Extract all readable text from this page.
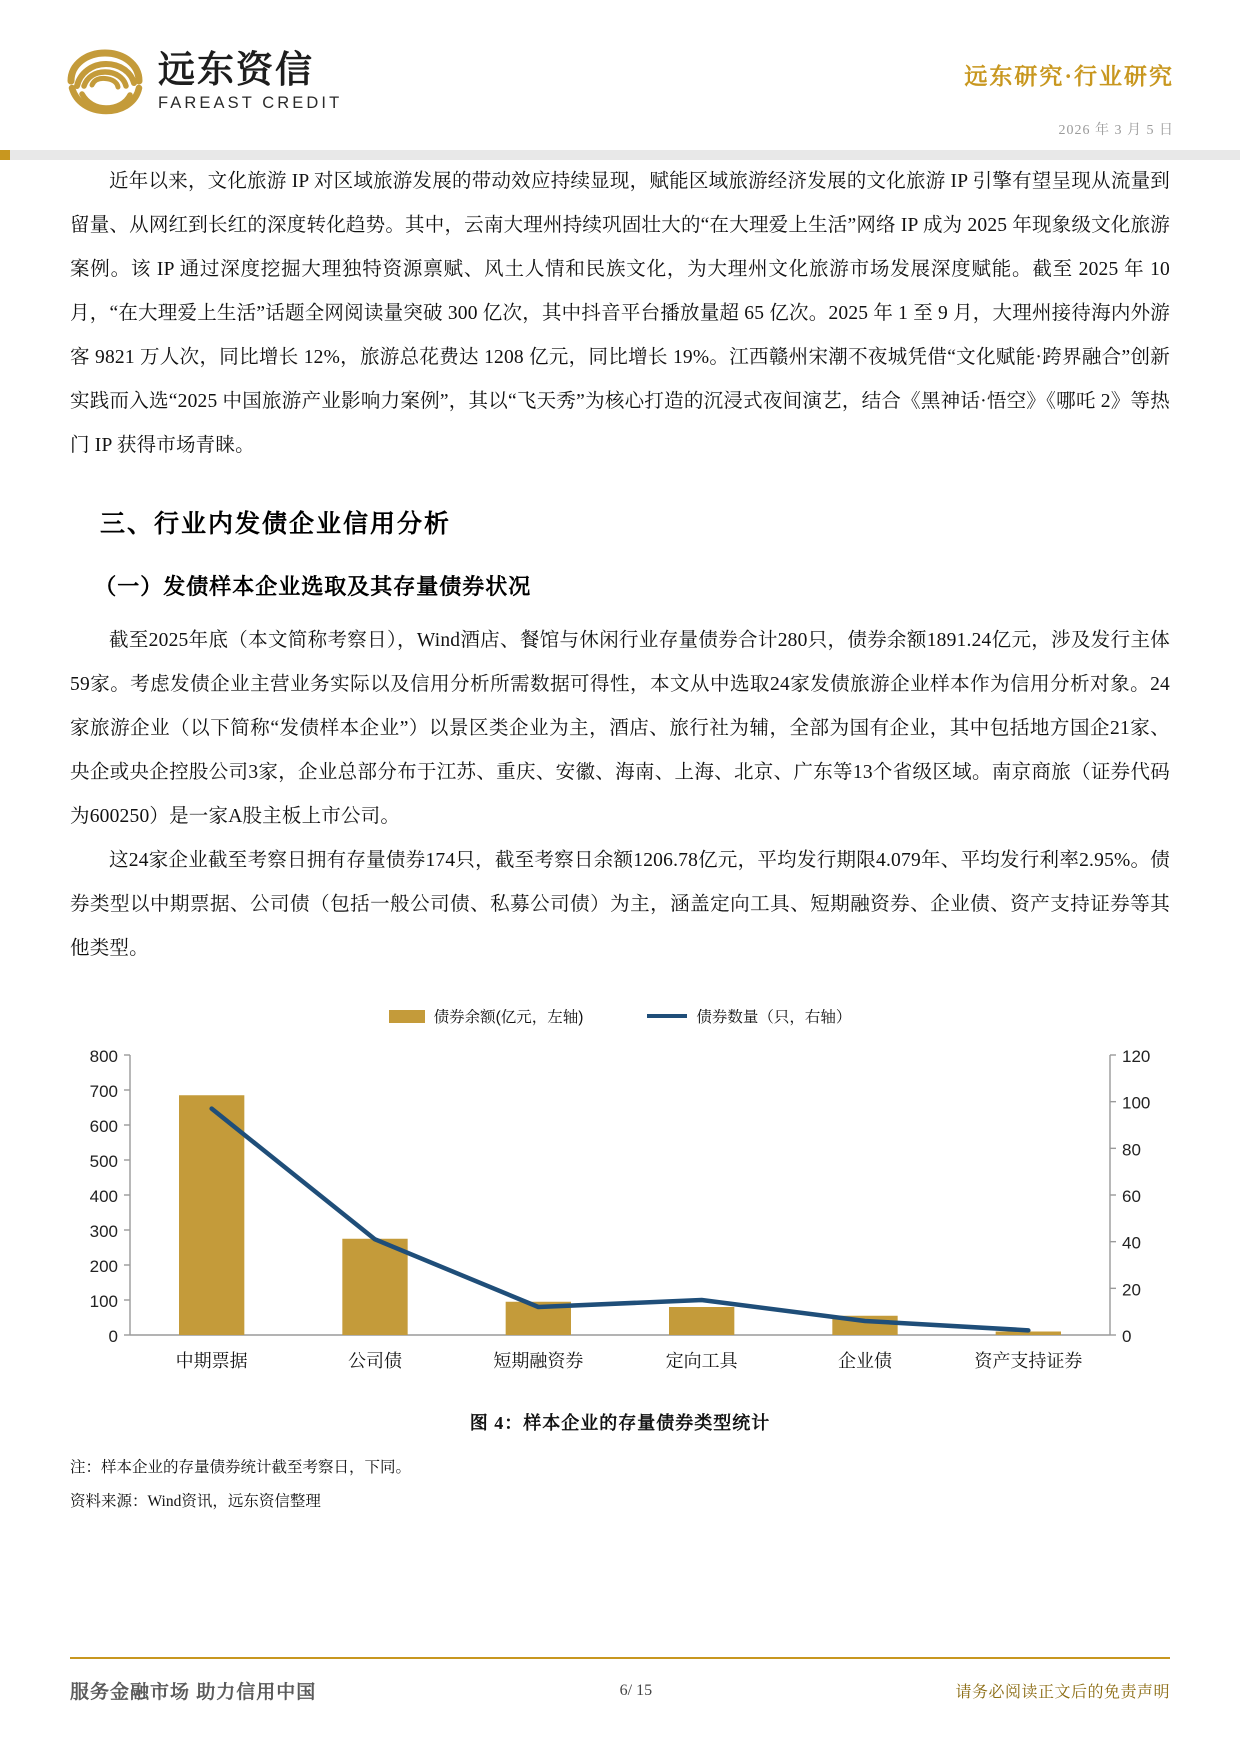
远东资信
FAREAST CREDIT
远东研究·行业研究
2026 年 3 月 5 日

近年以来，文化旅游 IP 对区域旅游发展的带动效应持续显现，赋能区域旅游经济发展的文化旅游 IP 引擎有望呈现从流量到留量、从网红到长红的深度转化趋势。其中，云南大理州持续巩固壮大的“在大理爱上生活”网络 IP 成为 2025 年现象级文化旅游案例。该 IP 通过深度挖掘大理独特资源禀赋、风土人情和民族文化，为大理州文化旅游市场发展深度赋能。截至 2025 年 10 月，“在大理爱上生活”话题全网阅读量突破 300 亿次，其中抖音平台播放量超 65 亿次。2025 年 1 至 9 月，大理州接待海内外游客 9821 万人次，同比增长 12%，旅游总花费达 1208 亿元，同比增长 19%。江西赣州宋潮不夜城凭借“文化赋能·跨界融合”创新实践而入选“2025 中国旅游产业影响力案例”，其以“飞天秀”为核心打造的沉浸式夜间演艺，结合《黑神话·悟空》《哪吒 2》等热门 IP 获得市场青睐。

三、行业内发债企业信用分析
（一）发债样本企业选取及其存量债券状况

截至2025年底（本文简称考察日），Wind酒店、餐馆与休闲行业存量债券合计280只，债券余额1891.24亿元，涉及发行主体59家。考虑发债企业主营业务实际以及信用分析所需数据可得性，本文从中选取24家发债旅游企业样本作为信用分析对象。24家旅游企业（以下简称“发债样本企业”）以景区类企业为主，酒店、旅行社为辅，全部为国有企业，其中包括地方国企21家、央企或央企控股公司3家，企业总部分布于江苏、重庆、安徽、海南、上海、北京、广东等13个省级区域。南京商旅（证券代码为600250）是一家A股主板上市公司。

这24家企业截至考察日拥有存量债券174只，截至考察日余额1206.78亿元，平均发行期限4.079年、平均发行利率2.95%。债券类型以中期票据、公司债（包括一般公司债、私募公司债）为主，涵盖定向工具、短期融资券、企业债、资产支持证券等其他类型。

债券余额(亿元，左轴)	债券数量（只，右轴）
0
100
200
300
400
500
600
700
800
0
20
40
60
80
100
120
中期票据	公司债	短期融资券	定向工具	企业债	资产支持证券
图 4：样本企业的存量债券类型统计
注：样本企业的存量债券统计截至考察日，下同。
资料来源：Wind资讯，远东资信整理
服务金融市场 助力信用中国	6/ 15	请务必阅读正文后的免责声明
